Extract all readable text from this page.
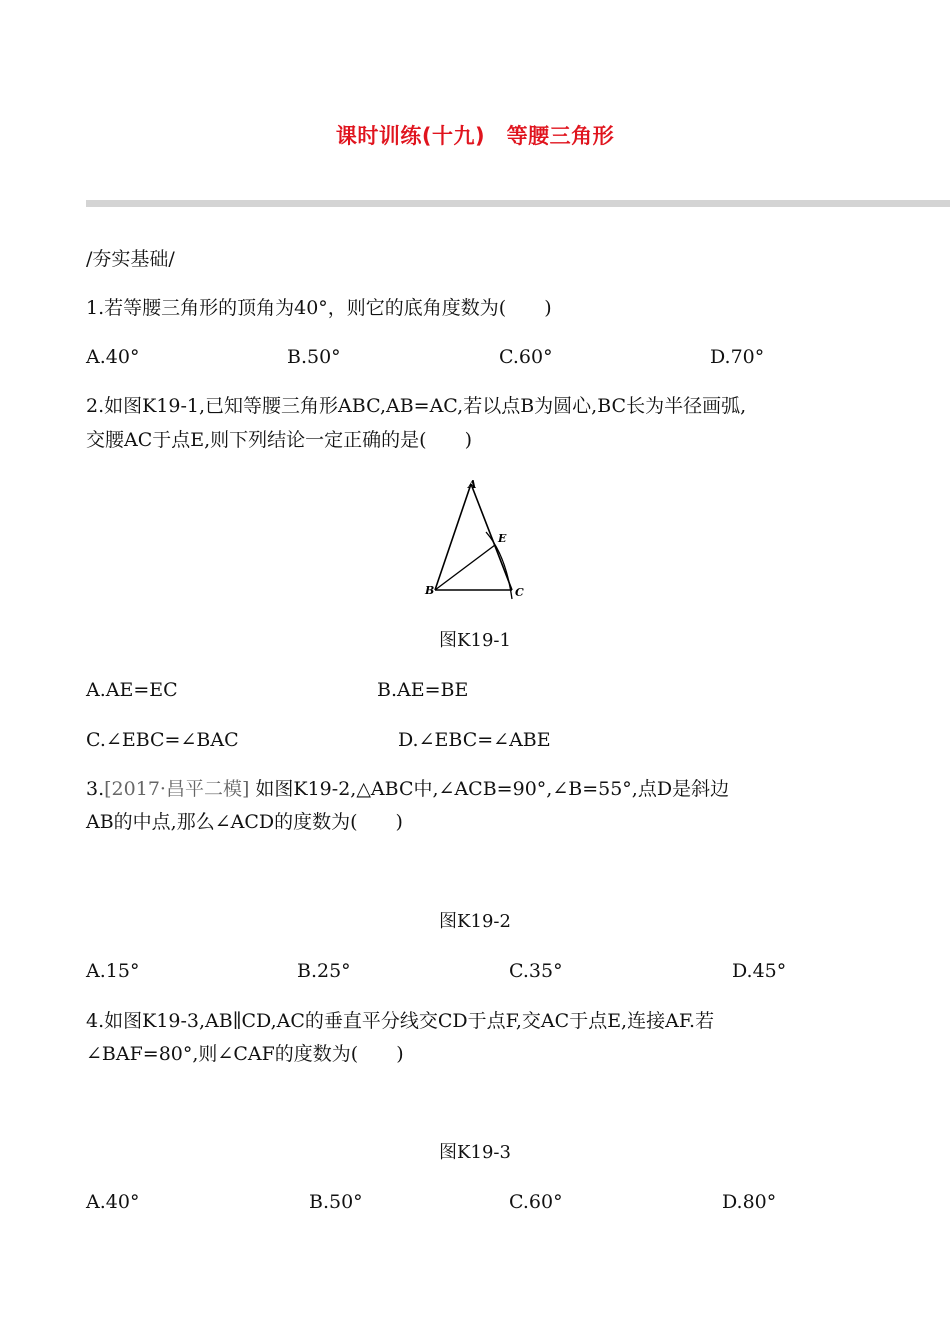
课时训练(十九)　等腰三角形
/夯实基础/
1.若等腰三角形的顶角为40°，则它的底角度数为(　　)
A.40°	B.50°	C.60°	D.70°
2.如图K19-1,已知等腰三角形ABC,AB=AC,若以点B为圆心,BC长为半径画弧,
交腰AC于点E,则下列结论一定正确的是(　　)
A
B	C
E
图K19-1
A.AE=EC	B.AE=BE
C.∠EBC=∠BAC	D.∠EBC=∠ABE
3.[2017·昌平二模] 如图K19-2,△ABC中,∠ACB=90°,∠B=55°,点D是斜边
AB的中点,那么∠ACD的度数为(　　)
图K19-2
A.15°	B.25°	C.35°	D.45°
4.如图K19-3,AB∥CD,AC的垂直平分线交CD于点F,交AC于点E,连接AF.若
∠BAF=80°,则∠CAF的度数为(　　)
图K19-3
A.40°	B.50°	C.60°	D.80°
